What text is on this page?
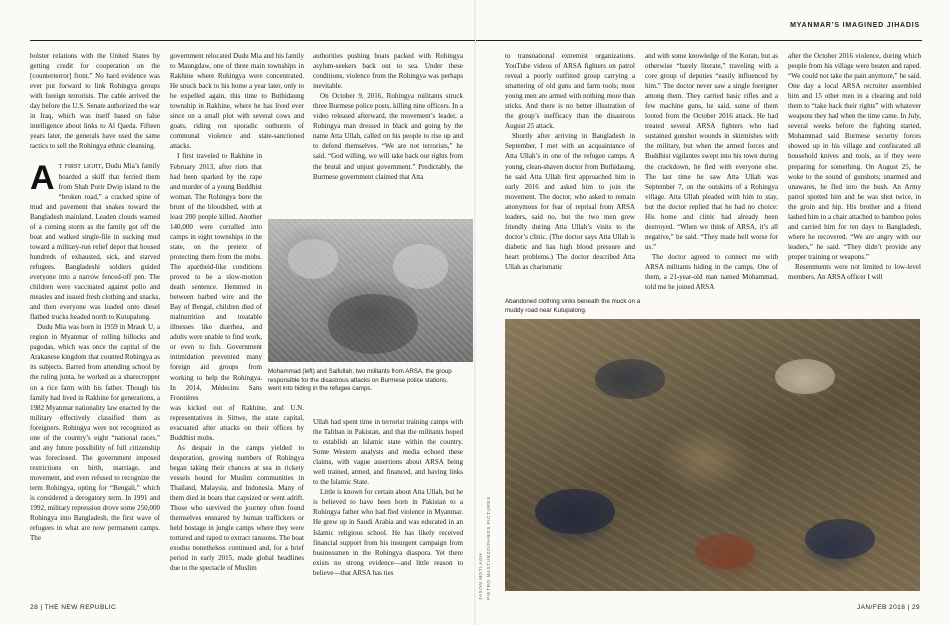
MYANMAR’S IMAGINED JIHADIS

bolster relations with the United States by getting credit for cooperation on the [counterterror] front.” No hard evidence was ever put forward to link Rohingya groups with foreign terrorists. The cable arrived the day before the U.S. Senate authorized the war in Iraq, which was itself based on false intelligence about links to Al Qaeda. Fifteen years later, the generals have used the same tactics to sell the Rohingya ethnic cleansing.

At first light, Dudu Mia’s family boarded a skiff that ferried them from Shah Porir Dwip island to the “broken road,” a cracked spine of mud and pavement that snakes toward the Bangladesh mainland. Leaden clouds warned of a coming storm as the family got off the boat and walked single-file in sucking mud toward a military-run relief depot that housed hundreds of exhausted, sick, and starved refugees. Bangladeshi soldiers guided everyone into a narrow fenced-off pen. The children were vaccinated against polio and measles and issued fresh clothing and snacks, and then everyone was loaded onto diesel flatbed trucks headed north to Kutupalong.

Dudu Mia was born in 1959 in Mrauk U, a region in Myanmar of rolling hillocks and pagodas, which was once the capital of the Arakanese kingdom that counted Rohingya as its subjects. Barred from attending school by the ruling junta, he worked as a sharecropper on a rice farm with his father. Though his family had lived in Rakhine for generations, a 1982 Myanmar nationality law enacted by the military effectively classified them as foreigners. Rohingya were not recognized as one of the country’s eight “national races,” and any future possibility of full citizenship was foreclosed. The government imposed restrictions on birth, marriage, and movement, and even refused to recognize the term Rohingya, opting for “Bengali,” which is considered a derogatory term. In 1991 and 1992, military repression drove some 250,000 Rohingya into Bangladesh, the first wave of refugees in what are now permanent camps. The

government relocated Dudu Mia and his family to Maungdaw, one of three main townships in Rakhine where Rohingya were concentrated. He snuck back to his home a year later, only to be expelled again, this time to Buthidaung township in Rakhine, where he has lived ever since on a small plot with several cows and goats, riding out sporadic outbursts of communal violence and state-sanctioned attacks.

I first traveled to Rakhine in February 2013, after riots that had been sparked by the rape and murder of a young Buddhist woman. The Rohingya bore the brunt of the bloodshed, with at least 200 people killed. Another 140,000 were corralled into camps in eight townships in the state, on the pretext of protecting them from the mobs. The apartheid-like conditions proved to be a slow-motion death sentence. Hemmed in between barbed wire and the Bay of Bengal, children died of malnutrition and treatable illnesses like diarrhea, and adults were unable to find work, or even to fish. Government intimidation prevented many foreign aid groups from working to help the Rohingya. In 2014, Médecins Sans Frontières

was kicked out of Rakhine, and U.N. representatives in Sittwe, the state capital, evacuated after attacks on their offices by Buddhist mobs.

As despair in the camps yielded to desperation, growing numbers of Rohingya began taking their chances at sea in rickety vessels bound for Muslim communities in Thailand, Malaysia, and Indonesia. Many of them died in boats that capsized or went adrift. Those who survived the journey often found themselves ensnared by human traffickers or held hostage in jungle camps where they were tortured and raped to extract ransoms. The boat exodus nonetheless continued and, for a brief period in early 2015, made global headlines due to the spectacle of Muslim

authorities pushing boats packed with Rohingya asylum-seekers back out to sea. Under these conditions, violence from the Rohingya was perhaps inevitable.

On October 9, 2016, Rohingya militants struck three Burmese police posts, killing nine officers. In a video released afterward, the movement’s leader, a Rohingya man dressed in black and going by the name Atta Ullah, called on his people to rise up and to defend themselves. “We are not terrorists,” he said. “God willing, we will take back our rights from the brutal and unjust government.” Predictably, the Burmese government claimed that Atta

Ullah had spent time in terrorist training camps with the Taliban in Pakistan, and that the militants hoped to establish an Islamic state within the country. Some Western analysts and media echoed these claims, with vague assertions about ARSA being well trained, armed, and financed, and having links to the Islamic State.

Little is known for certain about Atta Ullah, but he is believed to have been born in Pakistan to a Rohingya father who had fled violence in Myanmar. He grew up in Saudi Arabia and was educated in an Islamic religious school. He has likely received financial support from his insurgent campaign from businessmen in the Rohingya diaspora. Yet there exists no strong evidence—and little reason to believe—that ARSA has ties

Mohammad (left) and Saifullah, two militants from ARSA, the group responsible for the disastrous attacks on Burmese police stations, went into hiding in the refugee camps.
JASON MOTLAGH PIETRO MASTURZO/PANOS PICTURES

to transnational extremist organizations. YouTube videos of ARSA fighters on patrol reveal a poorly outfitted group carrying a smattering of old guns and farm tools; most young men are armed with nothing more than sticks. And there is no better illustration of the group’s inefficacy than the disastrous August 25 attack.

Shortly after arriving in Bangladesh in September, I met with an acquaintance of Atta Ullah’s in one of the refugee camps. A young, clean-shaven doctor from Buthidaung, he said Atta Ullah first approached him in early 2016 and asked him to join the movement. The doctor, who asked to remain anonymous for fear of reprisal from ARSA leaders, said no, but the two men grew friendly during Atta Ullah’s visits to the doctor’s clinic. (The doctor says Atta Ullah is diabetic and has high blood pressure and heart problems.) The doctor described Atta Ullah as charismatic

and with some knowledge of the Koran, but as otherwise “barely literate,” traveling with a core group of deputies “easily influenced by him.” The doctor never saw a single foreigner among them. They carried basic rifles and a few machine guns, he said, some of them looted from the October 2016 attack. He had treated several ARSA fighters who had sustained gunshot wounds in skirmishes with the military, but when the armed forces and Buddhist vigilantes swept into his town during the crackdown, he fled with everyone else. The last time he saw Atta Ullah was September 7, on the outskirts of a Rohingya village. Atta Ullah pleaded with him to stay, but the doctor replied that he had no choice: His home and clinic had already been destroyed. “When we think of ARSA, it’s all negative,” he said. “They made hell worse for us.”

The doctor agreed to connect me with ARSA militants hiding in the camps. One of them, a 21-year-old man named Mohammad, told me he joined ARSA

after the October 2016 violence, during which people from his village were beaten and raped. “We could not take the pain anymore,” he said. One day a local ARSA recruiter assembled him and 15 other men in a clearing and told them to “take back their rights” with whatever weapons they had when the time came. In July, several weeks before the fighting started, Mohammad said Burmese security forces showed up in his village and confiscated all household knives and tools, as if they were preparing for something. On August 25, he woke to the sound of gunshots; unarmed and unawares, he fled into the bush. An Army patrol spotted him and he was shot twice, in the groin and hip. His brother and a friend lashed him to a chair attached to bamboo poles and carried him for ten days to Bangladesh, where he recovered. “We are angry with our leaders,” he said. “They didn’t provide any proper training or weapons.”

Resentments were not limited to low-level members. An ARSA officer I will

Abandoned clothing sinks beneath the muck on a muddy road near Kutupalong.
28 | THE NEW REPUBLIC	JAN/FEB 2018 | 29
